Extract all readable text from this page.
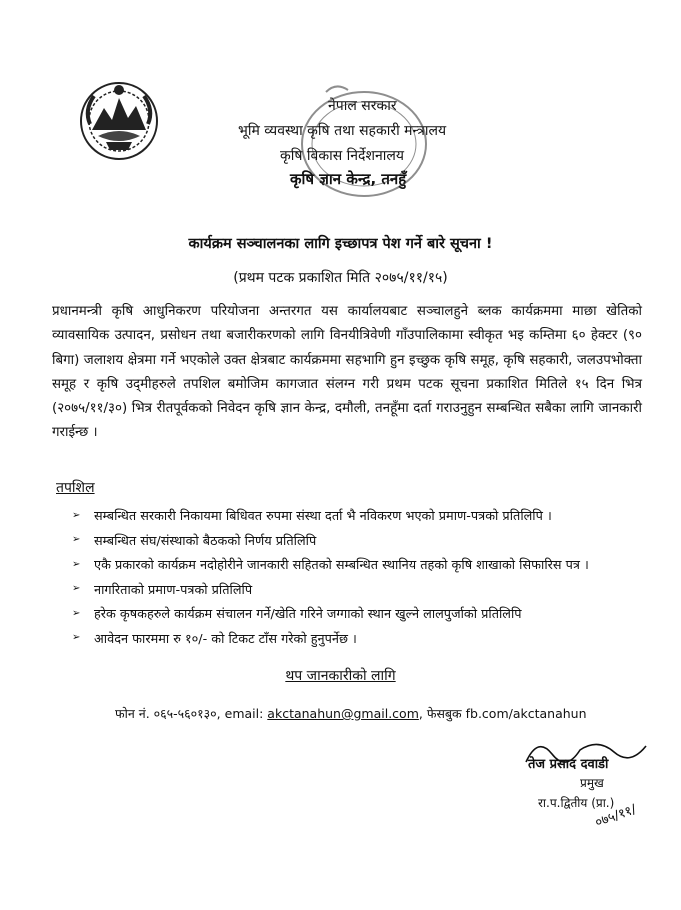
नेपाल सरकार
भूमि व्यवस्था कृषि तथा सहकारी मन्त्रालय
कृषि विकास निर्देशनालय
कृषि ज्ञान केन्द्र, तनहुँ
कार्यक्रम सञ्चालनका लागि इच्छापत्र पेश गर्ने बारे सूचना !
(प्रथम पटक प्रकाशित मिति २०७५/११/१५)
प्रधानमन्त्री कृषि आधुनिकरण परियोजना अन्तरगत यस कार्यालयबाट सञ्चालहुने ब्लक कार्यक्रममा माछा खेतिको व्यावसायिक उत्पादन, प्रसोधन तथा बजारीकरणको लागि विनयीत्रिवेणी गाँउपालिकामा स्वीकृत भइ कम्तिमा ६० हेक्टर (९० बिगा) जलाशय क्षेत्रमा गर्ने भएकोले उक्त क्षेत्रबाट कार्यक्रममा सहभागि हुन इच्छुक कृषि समूह, कृषि सहकारी, जलउपभोक्ता समूह र कृषि उद्‌मीहरुले तपशिल बमोजिम कागजात संलग्न गरी प्रथम पटक सूचना प्रकाशित मितिले १५ दिन भित्र (२०७५/११/३०) भित्र रीतपूर्वकको निवेदन कृषि ज्ञान केन्द्र, दमौली, तनहूँमा दर्ता गराउनुहुन सम्बन्धित सबैका लागि जानकारी गराईन्छ ।
तपशिल
➢	सम्बन्धित सरकारी निकायमा बिधिवत रुपमा संस्था दर्ता भै नविकरण भएको प्रमाण-पत्रको प्रतिलिपि ।
➢	सम्बन्धित संघ/संस्थाको बैठकको निर्णय प्रतिलिपि
➢	एकै प्रकारको कार्यक्रम नदोहोरीने जानकारी सहितको सम्बन्धित स्थानिय तहको कृषि शाखाको सिफारिस पत्र ।
➢	नागरिताको प्रमाण-पत्रको प्रतिलिपि
➢	हरेक कृषकहरुले कार्यक्रम संचालन गर्ने/खेति गरिने जग्गाको स्थान खुल्ने लालपुर्जाको प्रतिलिपि
➢	आवेदन फारममा रु १०/- को टिकट टाँस गरेको हुनुपर्नेछ ।
थप जानकारीको लागि
फोन नं. ०६५-५६०१३०, email: akctanahun@gmail.com, फेसबुक fb.com/akctanahun
तेज प्रसाद दवाडी
प्रमुख
रा.प.द्वितीय (प्रा.)
०७५/११/
